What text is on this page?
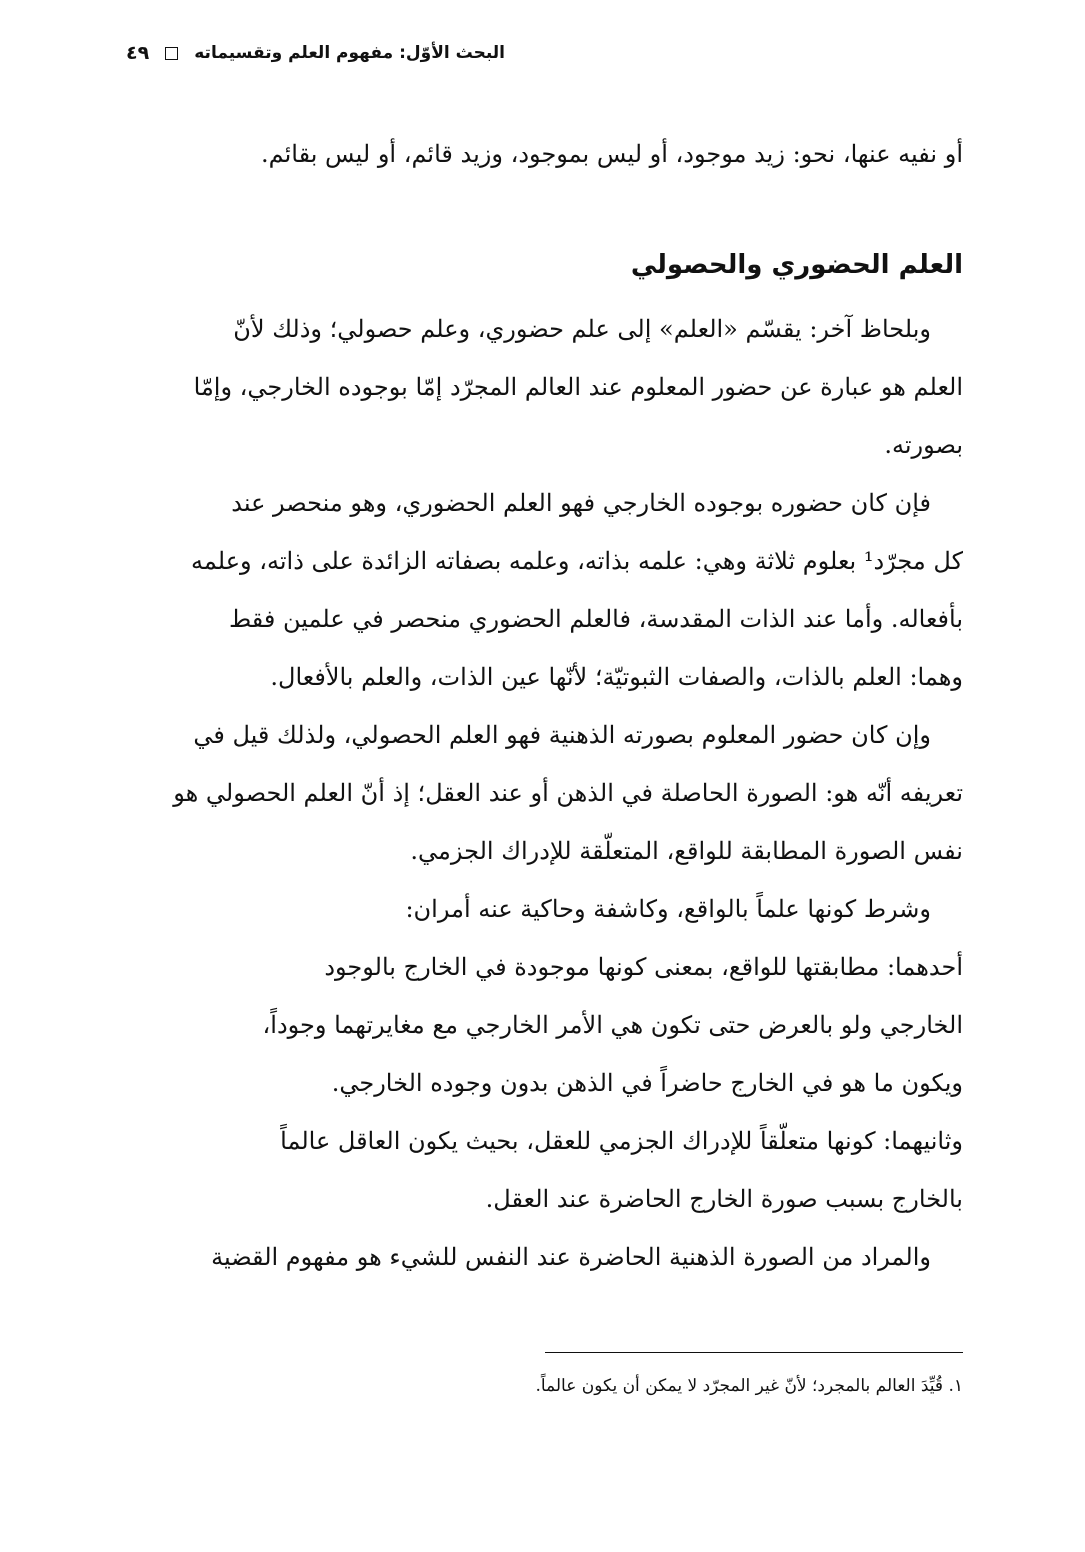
البحث الأوّل: مفهوم العلم وتقسيماته
٤٩
أو نفيه عنها، نحو: زيد موجود، أو ليس بموجود، وزيد قائم، أو ليس بقائم.
العلم الحضوري والحصولي
وبلحاظ آخر: يقسّم «العلم» إلى علم حضوري، وعلم حصولي؛ وذلك لأنّ
العلم هو عبارة عن حضور المعلوم عند العالم المجرّد إمّا بوجوده الخارجي، وإمّا
بصورته.
فإن كان حضوره بوجوده الخارجي فهو العلم الحضوري، وهو منحصر عند
كل مجرّد¹ بعلوم ثلاثة وهي: علمه بذاته، وعلمه بصفاته الزائدة على ذاته، وعلمه
بأفعاله. وأما عند الذات المقدسة، فالعلم الحضوري منحصر في علمين فقط
وهما: العلم بالذات، والصفات الثبوتيّة؛ لأنّها عين الذات، والعلم بالأفعال.
وإن كان حضور المعلوم بصورته الذهنية فهو العلم الحصولي، ولذلك قيل في
تعريفه أنّه هو: الصورة الحاصلة في الذهن أو عند العقل؛ إذ أنّ العلم الحصولي هو
نفس الصورة المطابقة للواقع، المتعلّقة للإدراك الجزمي.
وشرط كونها علماً بالواقع، وكاشفة وحاكية عنه أمران:
أحدهما: مطابقتها للواقع، بمعنى كونها موجودة في الخارج بالوجود
الخارجي ولو بالعرض حتى تكون هي الأمر الخارجي مع مغايرتهما وجوداً،
ويكون ما هو في الخارج حاضراً في الذهن بدون وجوده الخارجي.
وثانيهما: كونها متعلّقاً للإدراك الجزمي للعقل، بحيث يكون العاقل عالماً
بالخارج بسبب صورة الخارج الحاضرة عند العقل.
والمراد من الصورة الذهنية الحاضرة عند النفس للشيء هو مفهوم القضية
١. قُيِّدَ العالم بالمجرد؛ لأنّ غير المجرّد لا يمكن أن يكون عالماً.
